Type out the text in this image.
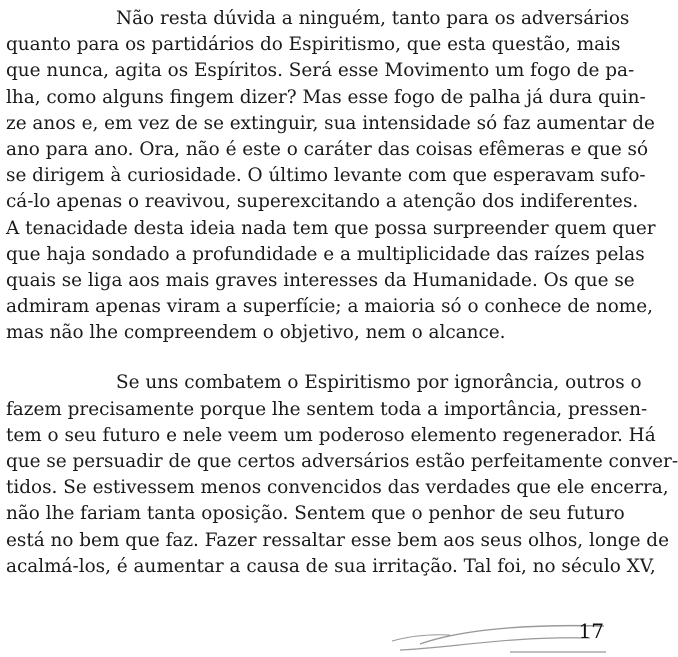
Não resta dúvida a ninguém, tanto para os adversários
quanto para os partidários do Espiritismo, que esta questão, mais
que nunca, agita os Espíritos. Será esse Movimento um fogo de pa-
lha, como alguns fingem dizer? Mas esse fogo de palha já dura quin-
ze anos e, em vez de se extinguir, sua intensidade só faz aumentar de
ano para ano. Ora, não é este o caráter das coisas efêmeras e que só
se dirigem à curiosidade. O último levante com que esperavam sufo-
cá-lo apenas o reavivou, superexcitando a atenção dos indiferentes.
A tenacidade desta ideia nada tem que possa surpreender quem quer
que haja sondado a profundidade e a multiplicidade das raízes pelas
quais se liga aos mais graves interesses da Humanidade. Os que se
admiram apenas viram a superfície; a maioria só o conhece de nome,
mas não lhe compreendem o objetivo, nem o alcance.
Se uns combatem o Espiritismo por ignorância, outros o
fazem precisamente porque lhe sentem toda a importância, pressen-
tem o seu futuro e nele veem um poderoso elemento regenerador. Há
que se persuadir de que certos adversários estão perfeitamente conver-
tidos. Se estivessem menos convencidos das verdades que ele encerra,
não lhe fariam tanta oposição. Sentem que o penhor de seu futuro
está no bem que faz. Fazer ressaltar esse bem aos seus olhos, longe de
acalmá-los, é aumentar a causa de sua irritação. Tal foi, no século XV,
17
